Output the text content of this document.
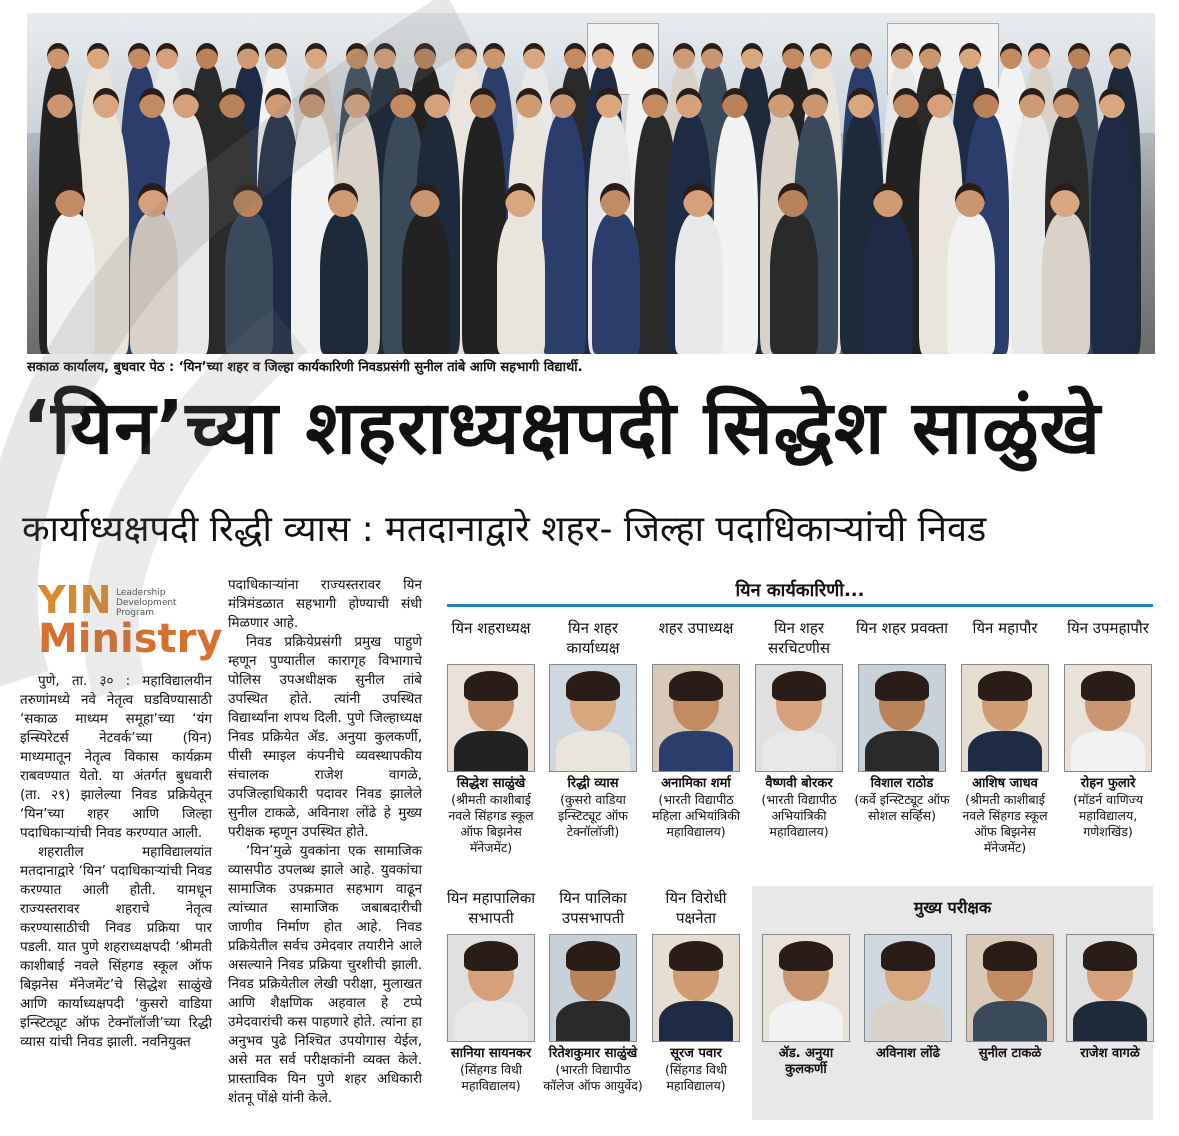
सकाळ कार्यालय, बुधवार पेठ : ‘यिन’च्या शहर व जिल्हा कार्यकारिणी निवडप्रसंगी सुनील तांबे आणि सहभागी विद्यार्थी.
‘यिन’च्या शहराध्यक्षपदी सिद्धेश साळुंखे
कार्याध्यक्षपदी रिद्धी व्यास : मतदानाद्वारे शहर- जिल्हा पदाधिकाऱ्यांची निवड
YIN Leadership Development Program
Ministry

पुणे, ता. ३० : महाविद्यालयीन तरुणांमध्ये नवे नेतृत्व घडविण्यासाठी ‘सकाळ माध्यम समूहा’च्या ‘यंग इन्स्पिरेटर्स नेटवर्क’च्या (यिन) माध्यमातून नेतृत्व विकास कार्यक्रम राबवण्यात येतो. या अंतर्गत बुधवारी (ता. २९) झालेल्या निवड प्रक्रियेतून ‘यिन’च्या शहर आणि जिल्हा पदाधिकाऱ्यांची निवड करण्यात आली.

शहरातील महाविद्यालयांत मतदानाद्वारे ‘यिन’ पदाधिकाऱ्यांची निवड करण्यात आली होती. यामधून राज्यस्तरावर शहराचे नेतृत्व करण्यासाठीची निवड प्रक्रिया पार पडली. यात पुणे शहराध्यक्षपदी ‘श्रीमती काशीबाई नवले सिंहगड स्कूल ऑफ बिझनेस मॅनेजमेंट’चे सिद्धेश साळुंखे आणि कार्याध्यक्षपदी ‘कुसरो वाडिया इन्स्टिट्यूट ऑफ टेक्नॉलॉजी’च्या रिद्धी व्यास यांची निवड झाली. नवनियुक्त

पदाधिकाऱ्यांना राज्यस्तरावर यिन मंत्रिमंडळात सहभागी होण्याची संधी मिळणार आहे.

निवड प्रक्रियेप्रसंगी प्रमुख पाहुणे म्हणून पुण्यातील कारागृह विभागाचे पोलिस उपअधीक्षक सुनील तांबे उपस्थित होते. त्यांनी उपस्थित विद्यार्थ्यांना शपथ दिली. पुणे जिल्हाध्यक्ष निवड प्रक्रियेत ॲड. अनुया कुलकर्णी, पीसी स्माइल कंपनीचे व्यवस्थापकीय संचालक राजेश वागळे, उपजिल्हाधिकारी पदावर निवड झालेले सुनील टाकळे, अविनाश लोंढे हे मुख्य परीक्षक म्हणून उपस्थित होते.

‘यिन’मुळे युवकांना एक सामाजिक व्यासपीठ उपलब्ध झाले आहे. युवकांचा सामाजिक उपक्रमात सहभाग वाढून त्यांच्यात सामाजिक जबाबदारीची जाणीव निर्माण होत आहे. निवड प्रक्रियेतील सर्वच उमेदवार तयारीने आले असल्याने निवड प्रक्रिया चुरशीची झाली. निवड प्रक्रियेतील लेखी परीक्षा, मुलाखत आणि शैक्षणिक अहवाल हे टप्पे उमेदवारांची कस पाहणारे होते. त्यांना हा अनुभव पुढे निश्चित उपयोगास येईल, असे मत सर्व परीक्षकांनी व्यक्त केले. प्रास्ताविक यिन पुणे शहर अधिकारी शंतनू पोंक्षे यांनी केले.

यिन कार्यकारिणी...
यिन शहराध्यक्ष
सिद्धेश साळुंखे
(श्रीमती काशीबाई नवले सिंहगड स्कूल ऑफ बिझनेस मॅनेजमेंट)
यिन शहर कार्याध्यक्ष
रिद्धी व्यास
(कुसरो वाडिया इन्स्टिट्यूट ऑफ टेक्नॉलॉजी)
शहर उपाध्यक्ष
अनामिका शर्मा
(भारती विद्यापीठ महिला अभियांत्रिकी महाविद्यालय)
यिन शहर सरचिटणीस
वैष्णवी बोरकर
(भारती विद्यापीठ अभियांत्रिकी महाविद्यालय)
यिन शहर प्रवक्ता
विशाल राठोड
(कर्वे इन्स्टिट्यूट ऑफ सोशल सर्व्हिस)
यिन महापौर
आशिष जाधव
(श्रीमती काशीबाई नवले सिंहगड स्कूल ऑफ बिझनेस मॅनेजमेंट)
यिन उपमहापौर
रोहन फुलारे
(मॉडर्न वाणिज्य महाविद्यालय, गणेशखिंड)
यिन महापालिका सभापती
सानिया सायनकर
(सिंहगड विधी महाविद्यालय)
यिन पालिका उपसभापती
रितेशकुमार साळुंखे
(भारती विद्यापीठ कॉलेज ऑफ आयुर्वेद)
यिन विरोधी पक्षनेता
सूरज पवार
(सिंहगड विधी महाविद्यालय)
मुख्य परीक्षक
ॲड. अनुया कुलकर्णी
अविनाश लोंढे	सुनील टाकळे	राजेश वागळे
